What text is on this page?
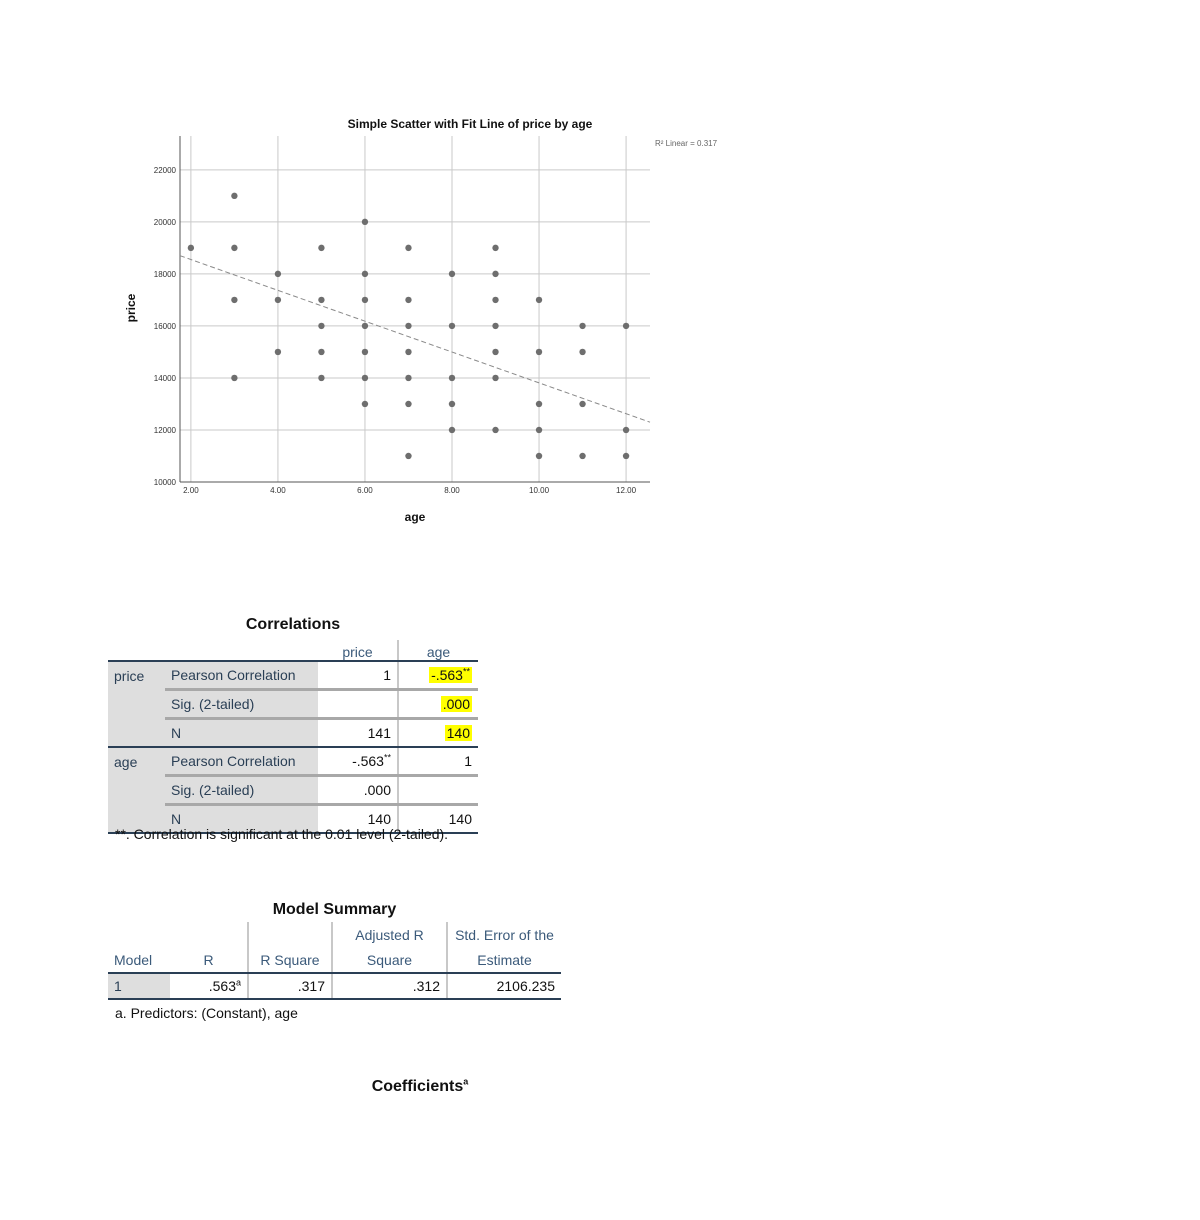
2.00	4.00	6.00	8.00	10.00	12.00
10000
12000
14000
16000
18000
20000
22000
Simple Scatter with Fit Line of price by age
R² Linear = 0.317
age
price
Correlations
		price	age
price	Pearson Correlation	1	-.563**
	Sig. (2-tailed)		.000
	N	141	140
age	Pearson Correlation	-.563**	1
	Sig. (2-tailed)	.000	
	N	140	140
**. Correlation is significant at the 0.01 level (2-tailed).
Model Summary
			Adjusted R	Std. Error of the
Model	R	R Square	Square	Estimate
1	.563$^a$	.317	.312	2106.235
a. Predictors: (Constant), age
Coefficients$^a$
